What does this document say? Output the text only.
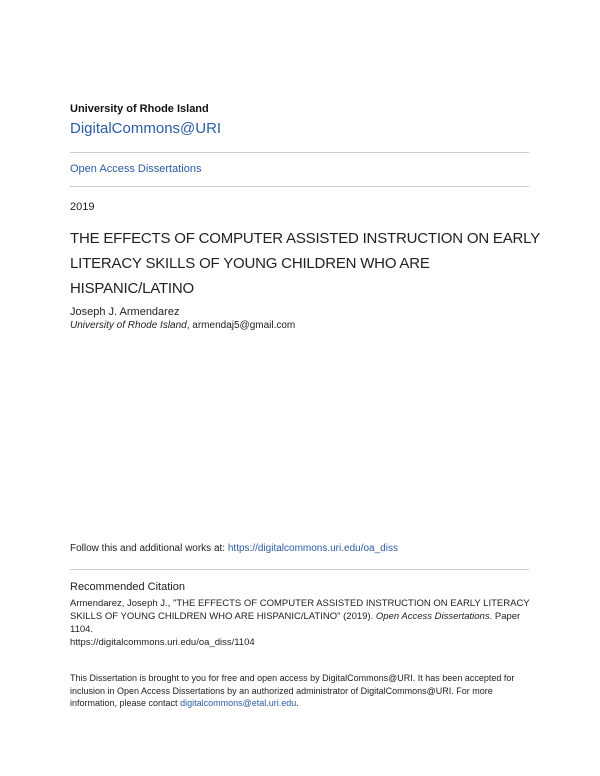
University of Rhode Island
DigitalCommons@URI
Open Access Dissertations
2019
THE EFFECTS OF COMPUTER ASSISTED INSTRUCTION ON EARLY LITERACY SKILLS OF YOUNG CHILDREN WHO ARE HISPANIC/LATINO
Joseph J. Armendarez
University of Rhode Island, armendaj5@gmail.com
Follow this and additional works at: https://digitalcommons.uri.edu/oa_diss
Recommended Citation
Armendarez, Joseph J., "THE EFFECTS OF COMPUTER ASSISTED INSTRUCTION ON EARLY LITERACY SKILLS OF YOUNG CHILDREN WHO ARE HISPANIC/LATINO" (2019). Open Access Dissertations. Paper 1104.
https://digitalcommons.uri.edu/oa_diss/1104
This Dissertation is brought to you for free and open access by DigitalCommons@URI. It has been accepted for inclusion in Open Access Dissertations by an authorized administrator of DigitalCommons@URI. For more information, please contact digitalcommons@etal.uri.edu.
